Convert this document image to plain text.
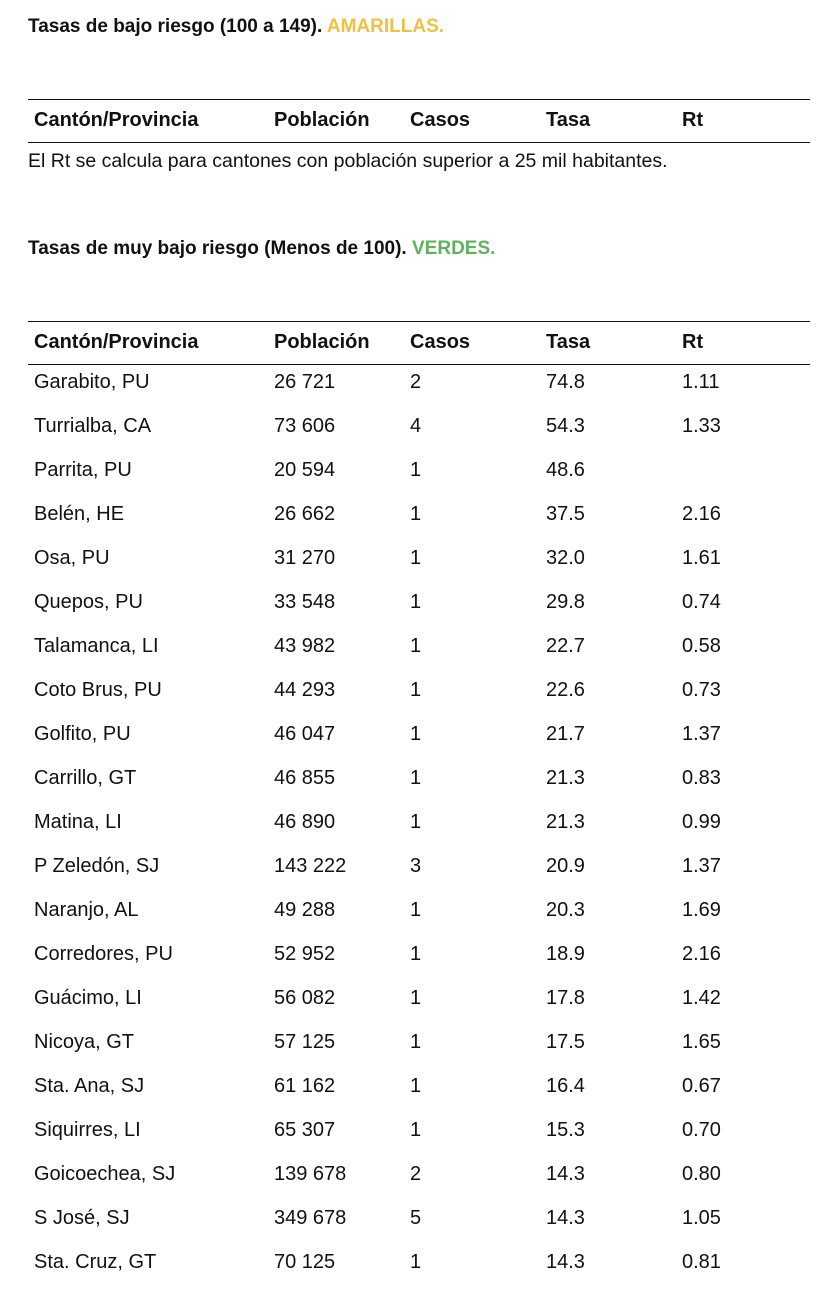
Tasas de bajo riesgo (100 a 149). AMARILLAS.
Cantón/Provincia	Población Casos	Tasa	Rt
El Rt se calcula para cantones con población superior a 25 mil habitantes.
Tasas de muy bajo riesgo (Menos de 100). VERDES.
Cantón/Provincia	Población Casos	Tasa	Rt
Garabito, PU	26 721	2	74.8	1.11
Turrialba, CA	73 606	4	54.3	1.33
Parrita, PU	20 594	1	48.6
Belén, HE	26 662	1	37.5	2.16
Osa, PU	31 270	1	32.0	1.61
Quepos, PU	33 548	1	29.8	0.74
Talamanca, LI	43 982	1	22.7	0.58
Coto Brus, PU	44 293	1	22.6	0.73
Golfito, PU	46 047	1	21.7	1.37
Carrillo, GT	46 855	1	21.3	0.83
Matina, LI	46 890	1	21.3	0.99
P Zeledón, SJ	143 222	3	20.9	1.37
Naranjo, AL	49 288	1	20.3	1.69
Corredores, PU	52 952	1	18.9	2.16
Guácimo, LI	56 082	1	17.8	1.42
Nicoya, GT	57 125	1	17.5	1.65
Sta. Ana, SJ	61 162	1	16.4	0.67
Siquirres, LI	65 307	1	15.3	0.70
Goicoechea, SJ	139 678	2	14.3	0.80
S José, SJ	349 678	5	14.3	1.05
Sta. Cruz, GT	70 125	1	14.3	0.81
